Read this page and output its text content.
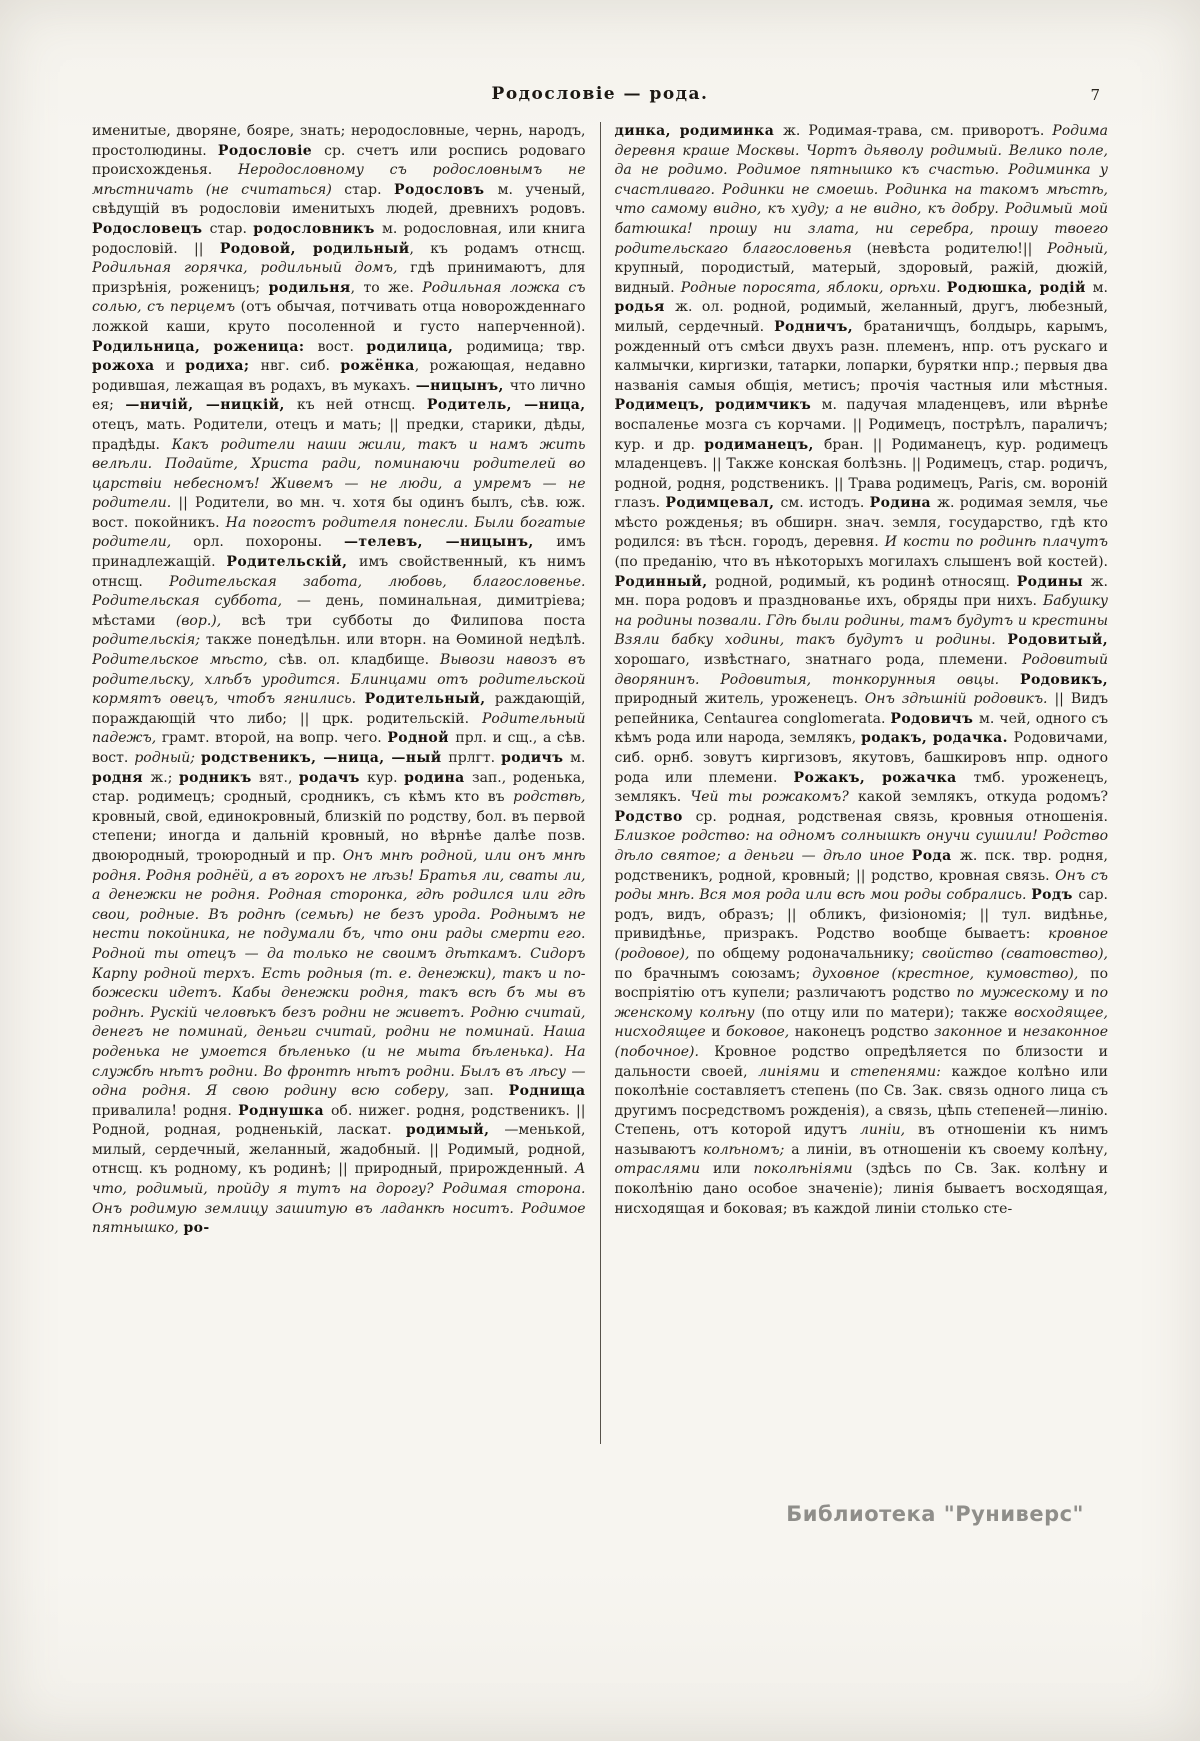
Родословіе — рода.	7
именитые, дворяне, бояре, знать; неродословные, чернь, народъ, простолюдины. Родословіе ср. счетъ или роспись родоваго происхожденья. Неродословному съ родословнымъ не мѣстничать (не считаться) стар. Родословъ м. ученый, свѣдущій въ родословіи именитыхъ людей, древнихъ родовъ. Родословецъ стар. родословникъ м. родословная, или книга родословій. || Родовой, родильный, къ родамъ отнсщ. Родильная горячка, родильный домъ, гдѣ принимаютъ, для призрѣнія, роженицъ; родильня, то же. Родильная ложка съ солью, съ перцемъ (отъ обычая, потчивать отца новорожденнаго ложкой каши, круто посоленной и густо наперченной). Родильница, роженица: вост. родилица, родимица; твр. рожоха и родиха; нвг. сиб. рожёнка, рожающая, недавно родившая, лежащая въ родахъ, въ мукахъ. —ницынъ, что лично ея; —ничій, —ницкій, къ ней отнсщ. Родитель, —ница, отецъ, мать. Родители, отецъ и мать; || предки, старики, дѣды, прадѣды. Какъ родители наши жили, такъ и намъ жить велѣли. Подайте, Христа ради, поминаючи родителей во царствіи небесномъ! Живемъ — не люди, а умремъ — не родители. || Родители, во мн. ч. хотя бы одинъ былъ, сѣв. юж. вост. покойникъ. На погостъ родителя понесли. Были богатые родители, орл. похороны. —телевъ, —ницынъ, имъ принадлежащій. Родительскій, имъ свойственный, къ нимъ отнсщ. Родительская забота, любовь, благословенье. Родительская суббота, — день, поминальная, димитріева; мѣстами (вор.), всѣ три субботы до Филипова поста родительскія; также понедѣльн. или вторн. на Ѳоминой недѣлѣ. Родительское мѣсто, сѣв. ол. кладбище. Вывози навозъ въ родительску, хлѣбъ уродится. Блинцами отъ родительской кормятъ овецъ, чтобъ ягнились. Родительный, раждающій, пораждающій что либо; || црк. родительскій. Родительный падежъ, грамт. второй, на вопр. чего. Родной прл. и сщ., а сѣв. вост. родный; родственикъ, —ница, —ный прлгт. родичъ м. родня ж.; родникъ вят., родачъ кур. родина зап., роденька, стар. родимецъ; сродный, сродникъ, съ кѣмъ кто въ родствѣ, кровный, свой, единокровный, близкій по родству, бол. въ первой степени; иногда и дальній кровный, но вѣрнѣе далѣе позв. двоюродный, троюродный и пр. Онъ мнѣ родной, или онъ мнѣ родня. Родня роднёй, а въ горохъ не лѣзь! Братья ли, сваты ли, а денежки не родня. Родная сторонка, гдѣ родился или гдѣ свои, родные. Въ роднѣ (семьѣ) не безъ урода. Роднымъ не нести покойника, не подумали бъ, что они рады смерти его. Родной ты отецъ — да только не своимъ дѣткамъ. Сидоръ Карпу родной терхъ. Есть родныя (т. е. денежки), такъ и по-божески идетъ. Кабы денежки родня, такъ всѣ бъ мы въ роднѣ. Рускій человѣкъ безъ родни не живетъ. Родню считай, денегъ не поминай, деньги считай, родни не поминай. Наша роденька не умоется бѣленько (и не мыта бѣленька). На службѣ нѣтъ родни. Во фронтѣ нѣтъ родни. Былъ въ лѣсу — одна родня. Я свою родину всю соберу, зап. Роднища привалила! родня. Роднушка об. нижег. родня, родственикъ. || Родной, родная, родненькій, ласкат. родимый, —менькой, милый, сердечный, желанный, жадобный. || Родимый, родной, отнсщ. къ родному, къ родинѣ; || природный, прирожденный. А что, родимый, пройду я тутъ на дорогу? Родимая сторона. Онъ родимую землицу зашитую въ ладанкѣ носитъ. Родимое пятнышко, ро-
динка, родиминка ж. Родимая-трава, см. приворотъ. Родима деревня краше Москвы. Чортъ дьяволу родимый. Велико поле, да не родимо. Родимое пятнышко къ счастью. Родиминка у счастливаго. Родинки не смоешь. Родинка на такомъ мѣстѣ, что самому видно, къ худу; а не видно, къ добру. Родимый мой батюшка! прошу ни злата, ни серебра, прошу твоего родительскаго благословенья (невѣста родителю!|| Родный, крупный, породистый, матерый, здоровый, ражій, дюжій, видный. Родные поросята, яблоки, орѣхи. Родюшка, родій м. родья ж. ол. родной, родимый, желанный, другъ, любезный, милый, сердечный. Родничъ, братаничщъ, болдырь, карымъ, рожденный отъ смѣси двухъ разн. племенъ, нпр. отъ рускаго и калмычки, киргизки, татарки, лопарки, бурятки нпр.; первыя два названія самыя общія, метисъ; прочія частныя или мѣстныя. Родимецъ, родимчикъ м. падучая младенцевъ, или вѣрнѣе воспаленье мозга съ корчами. || Родимецъ, пострѣлъ, параличъ; кур. и др. родиманецъ, бран. || Родиманецъ, кур. родимецъ младенцевъ. || Также конская болѣзнь. || Родимецъ, стар. родичъ, родной, родня, родственикъ. || Трава родимецъ, Paris, см. вороній глазъ. Родимцевал, см. истодъ. Родина ж. родимая земля, чье мѣсто рожденья; въ обширн. знач. земля, государство, гдѣ кто родился: въ тѣсн. городъ, деревня. И кости по родинѣ плачутъ (по преданію, что въ нѣкоторыхъ могилахъ слышенъ вой костей). Родинный, родной, родимый, къ родинѣ относящ. Родины ж. мн. пора родовъ и празднованье ихъ, обряды при нихъ. Бабушку на родины позвали. Гдѣ были родины, тамъ будутъ и крестины Взяли бабку ходины, такъ будутъ и родины. Родовитый, хорошаго, извѣстнаго, знатнаго рода, племени. Родовитый дворянинъ. Родовитыя, тонкорунныя овцы. Родовикъ, природный житель, уроженецъ. Онъ здѣшній родовикъ. || Видъ репейника, Centaurea conglomerata. Родовичъ м. чей, одного съ кѣмъ рода или народа, землякъ, родакъ, родачка. Родовичами, сиб. орнб. зовутъ киргизовъ, якутовъ, башкировъ нпр. одного рода или племени. Рожакъ, рожачка тмб. уроженецъ, землякъ. Чей ты рожакомъ? какой землякъ, откуда родомъ? Родство ср. родная, родственая связь, кровныя отношенія. Близкое родство: на одномъ солнышкѣ онучи сушили! Родство дѣло святое; а деньги — дѣло иное Рода ж. пск. твр. родня, родственикъ, родной, кровный; || родство, кровная связь. Онъ съ роды мнѣ. Вся моя рода или всѣ мои роды собрались. Родъ сар. родъ, видъ, образъ; || обликъ, физіономія; || тул. видѣнье, привидѣнье, призракъ. Родство вообще бываетъ: кровное (родовое), по общему родоначальнику; свойство (сватовство), по брачнымъ союзамъ; духовное (крестное, кумовство), по воспріятію отъ купели; различаютъ родство по мужескому и по женскому колѣну (по отцу или по матери); также восходящее, нисходящее и боковое, наконецъ родство законное и незаконное (побочное). Кровное родство опредѣляется по близости и дальности своей, линіями и степенями: каждое колѣно или поколѣніе составляетъ степень (по Св. Зак. связь одного лица съ другимъ посредствомъ рожденія), а связь, цѣпь степеней—линію. Степень, отъ которой идутъ линіи, въ отношеніи къ нимъ называютъ колѣномъ; а линіи, въ отношеніи къ своему колѣну, отраслями или поколѣніями (здѣсь по Св. Зак. колѣну и поколѣнію дано особое значеніе); линія бываетъ восходящая, нисходящая и боковая; въ каждой линіи столько сте-
Библиотека "Руниверс"
